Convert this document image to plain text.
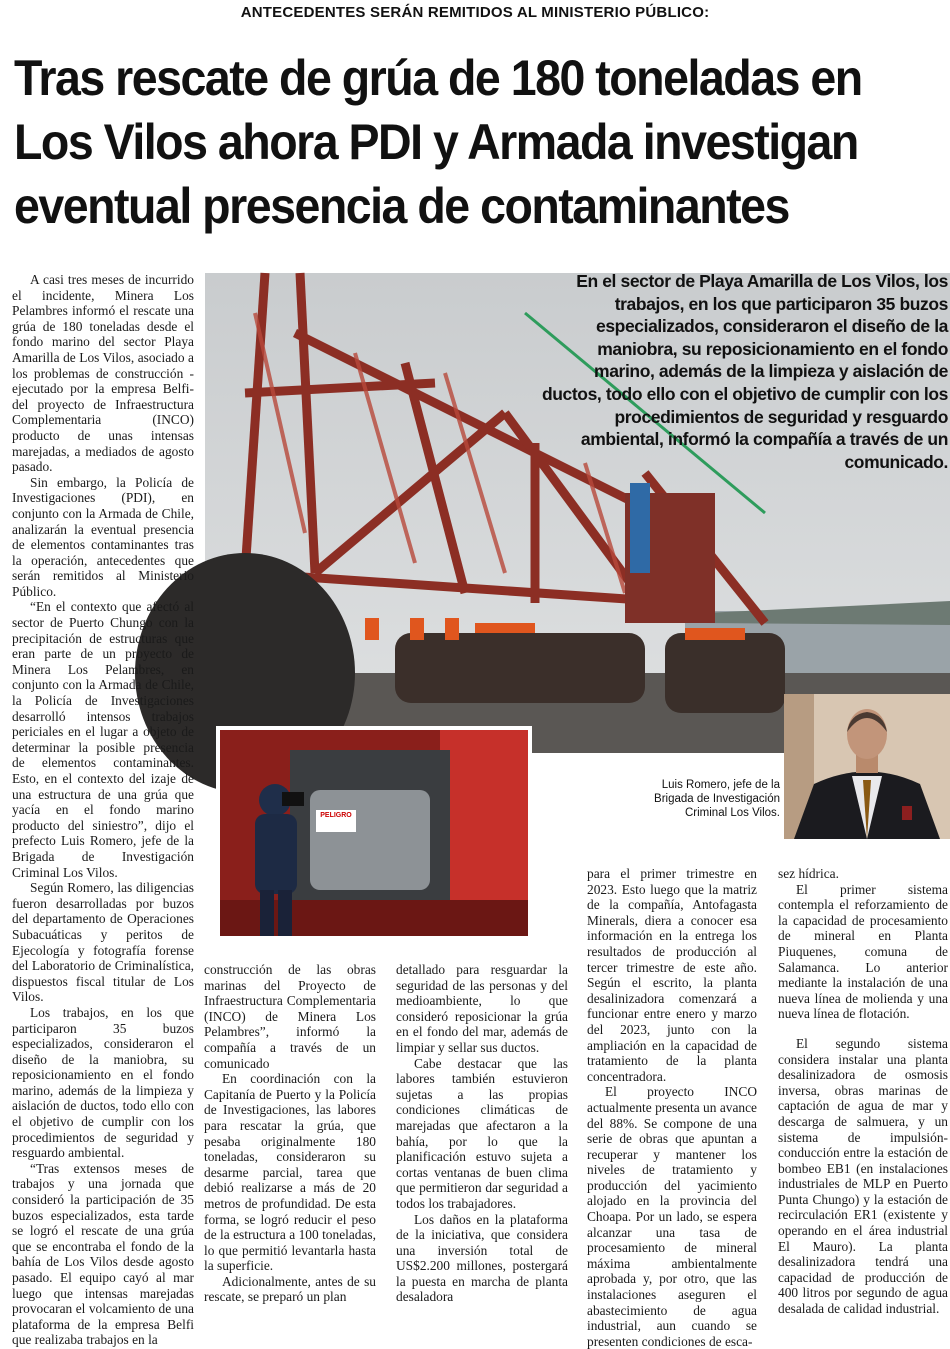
ANTECEDENTES SERÁN REMITIDOS AL MINISTERIO PÚBLICO:
Tras rescate de grúa de 180 toneladas en Los Vilos ahora PDI y Armada investigan eventual presencia de contaminantes
PELIGRO
En el sector de Playa Amarilla de Los Vilos, los trabajos, en los que participaron 35 buzos especializados, consideraron el diseño de la maniobra, su reposicionamiento en el fondo marino, además de la limpieza y aislación de ductos, todo ello con el objetivo de cumplir con los procedimientos de seguridad y resguardo ambiental, informó la compañía a través de un comunicado.
Luis Romero, jefe de la Brigada de Investigación Criminal Los Vilos.

A casi tres meses de incurrido el incidente, Minera Los Pelambres informó el rescate una grúa de 180 toneladas desde el fondo marino del sector Playa Amarilla de Los Vilos, asociado a los problemas de construcción -ejecutado por la empresa Belfi- del proyecto de Infraestructura Complementaria (INCO) producto de unas intensas marejadas, a mediados de agosto pasado.

Sin embargo, la Policía de Investigaciones (PDI), en conjunto con la Armada de Chile, analizarán la eventual presencia de elementos contaminantes tras la operación, antecedentes que serán remitidos al Ministerio Público.

“En el contexto que afectó al sector de Puerto Chungo con la precipitación de estructuras que eran parte de un proyecto de Minera Los Pelambres, en conjunto con la Armada de Chile, la Policía de Investigaciones desarrolló intensos trabajos periciales en el lugar a objeto de determinar la posible presencia de elementos contaminantes. Esto, en el contexto del izaje de una estructura de una grúa que yacía en el fondo marino producto del siniestro”, dijo el prefecto Luis Romero, jefe de la Brigada de Investigación Criminal Los Vilos.

Según Romero, las diligencias fueron desarrolladas por buzos del departamento de Operaciones Subacuáticas y peritos de Ejecología y fotografía forense del Laboratorio de Criminalística, dispuestos fiscal titular de Los Vilos.

Los trabajos, en los que participaron 35 buzos especializados, consideraron el diseño de la maniobra, su reposicionamiento en el fondo marino, además de la limpieza y aislación de ductos, todo ello con el objetivo de cumplir con los procedimientos de seguridad y resguardo ambiental.

“Tras extensos meses de trabajos y una jornada que consideró la participación de 35 buzos especializados, esta tarde se logró el rescate de una grúa que se encontraba el fondo de la bahía de Los Vilos desde agosto pasado. El equipo cayó al mar luego que intensas marejadas provocaran el volcamiento de una plataforma de la empresa Belfi que realizaba trabajos en la

construcción de las obras marinas del Proyecto de Infraestructura Complementaria (INCO) de Minera Los Pelambres”, informó la compañía a través de un comunicado

En coordinación con la Capitanía de Puerto y la Policía de Investigaciones, las labores para rescatar la grúa, que pesaba originalmente 180 toneladas, consideraron su desarme parcial, tarea que debió realizarse a más de 20 metros de profundidad. De esta forma, se logró reducir el peso de la estructura a 100 toneladas, lo que permitió levantarla hasta la superficie.

Adicionalmente, antes de su rescate, se preparó un plan

detallado para resguardar la seguridad de las personas y del medioambiente, lo que consideró reposicionar la grúa en el fondo del mar, además de limpiar y sellar sus ductos.

Cabe destacar que las labores también estuvieron sujetas a las propias condiciones climáticas de marejadas que afectaron a la bahía, por lo que la planificación estuvo sujeta a cortas ventanas de buen clima que permitieron dar seguridad a todos los trabajadores.

Los daños en la plataforma de la iniciativa, que considera una inversión total de US$2.200 millones, postergará la puesta en marcha de planta desaladora

para el primer trimestre en 2023. Esto luego que la matriz de la compañía, Antofagasta Minerals, diera a conocer esa información en la entrega los resultados de producción al tercer trimestre de este año. Según el escrito, la planta desalinizadora comenzará a funcionar entre enero y marzo del 2023, junto con la ampliación en la capacidad de tratamiento de la planta concentradora.

El proyecto INCO actualmente presenta un avance del 88%. Se compone de una serie de obras que apuntan a recuperar y mantener los niveles de tratamiento y producción del yacimiento alojado en la provincia del Choapa. Por un lado, se espera alcanzar una tasa de procesamiento de mineral máxima ambientalmente aprobada y, por otro, que las instalaciones aseguren el abastecimiento de agua industrial, aun cuando se presenten condiciones de esca-

sez hídrica.

El primer sistema contempla el reforzamiento de la capacidad de procesamiento de mineral en Planta Piuquenes, comuna de Salamanca. Lo anterior mediante la instalación de una nueva línea de molienda y una nueva línea de flotación.

El segundo sistema considera instalar una planta desalinizadora de osmosis inversa, obras marinas de captación de agua de mar y descarga de salmuera, y un sistema de impulsión-conducción entre la estación de bombeo EB1 (en instalaciones industriales de MLP en Puerto Punta Chungo) y la estación de recirculación ER1 (existente y operando en el área industrial El Mauro). La planta desalinizadora tendrá una capacidad de producción de 400 litros por segundo de agua desalada de calidad industrial.
